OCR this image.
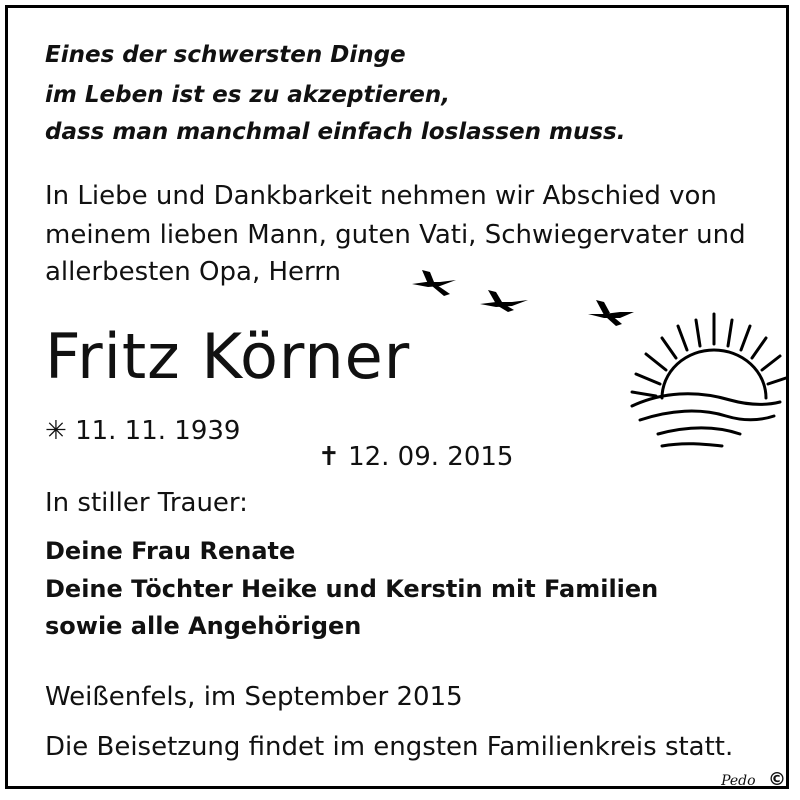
Eines der schwersten Dinge

im Leben ist es zu akzeptieren,

dass man manchmal einfach loslassen muss.

In Liebe und Dankbarkeit nehmen wir Abschied von

meinem lieben Mann, guten Vati, Schwiegervater und

allerbesten Opa, Herrn

Fritz Körner

✳ 11. 11. 1939

✝ 12. 09. 2015

In stiller Trauer:

Deine Frau Renate

Deine Töchter Heike und Kerstin mit Familien

sowie alle Angehörigen

Weißenfels, im September 2015

Die Beisetzung findet im engsten Familienkreis statt.

Pedo ©
